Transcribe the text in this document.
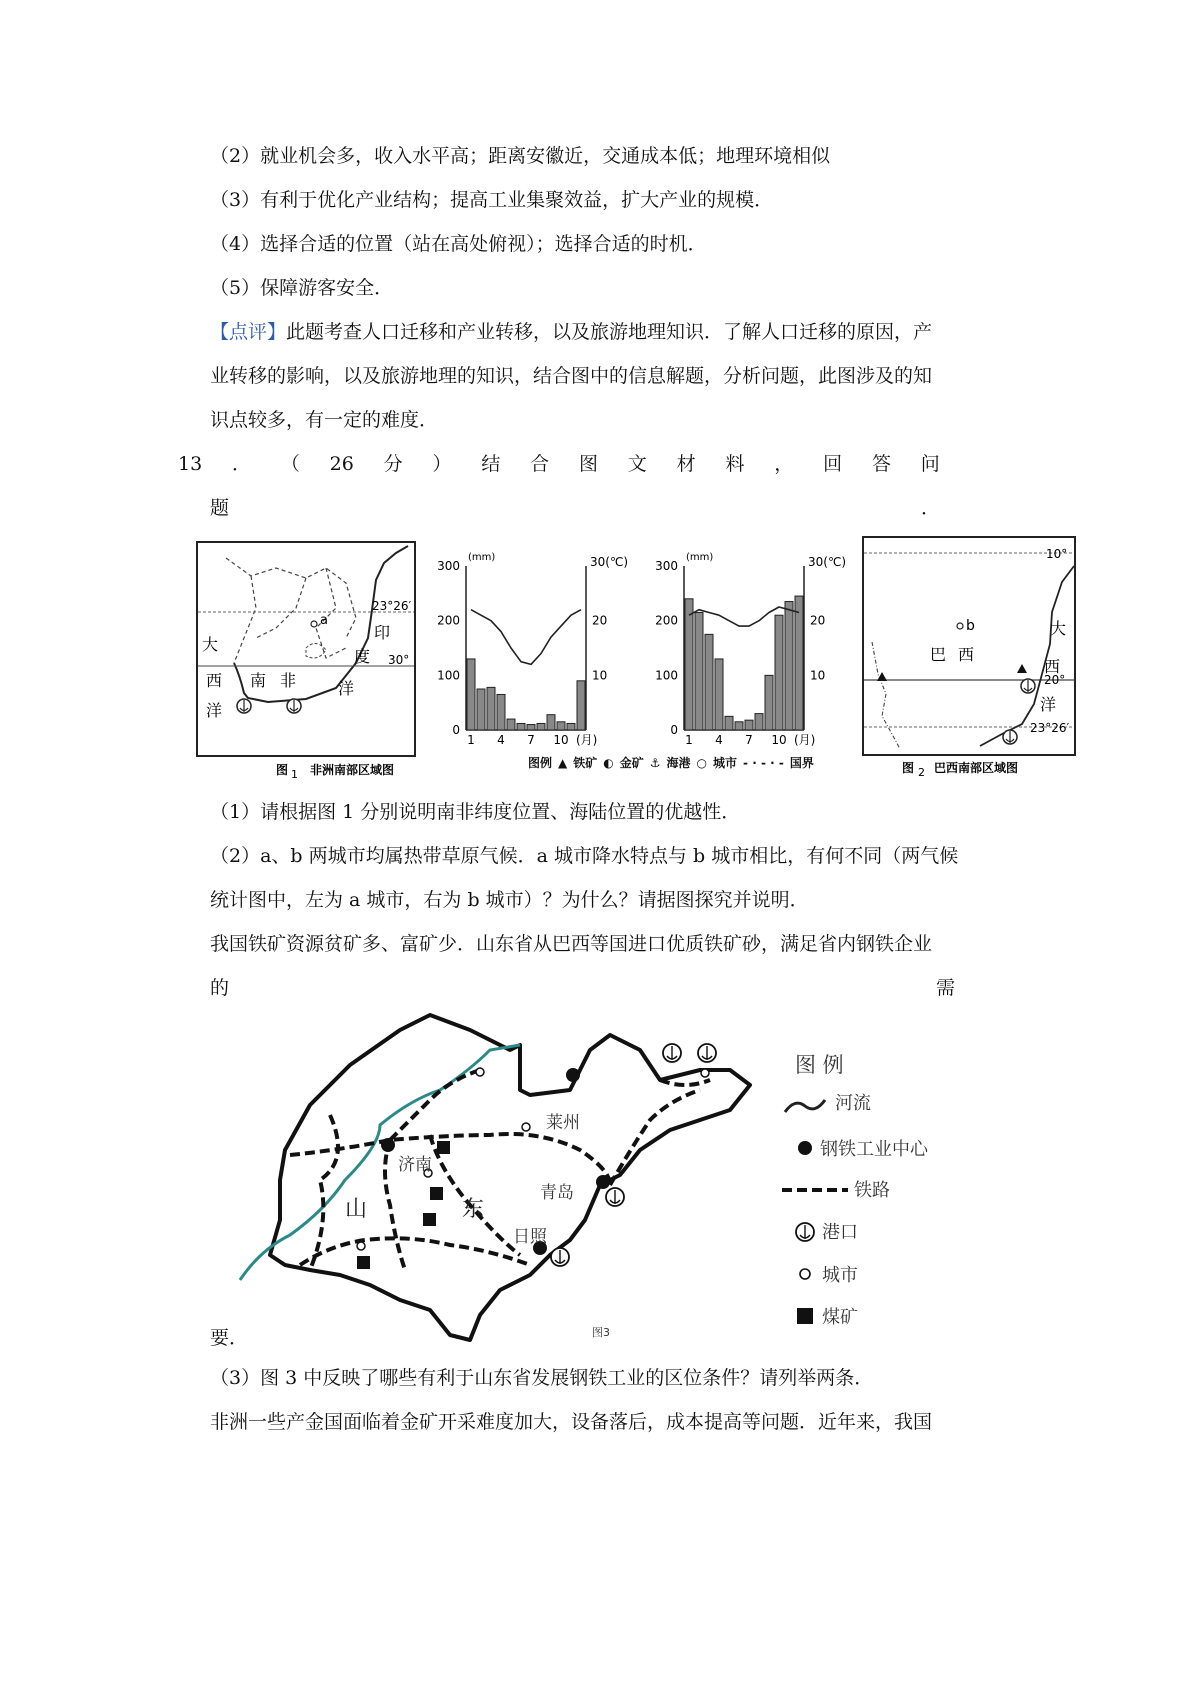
（2）就业机会多，收入水平高；距离安徽近，交通成本低；地理环境相似
（3）有利于优化产业结构；提高工业集聚效益，扩大产业的规模．
（4）选择合适的位置（站在高处俯视）；选择合适的时机．
（5）保障游客安全．
【点评】此题考查人口迁移和产业转移，以及旅游地理知识．了解人口迁移的原因，产
业转移的影响，以及旅游地理的知识，结合图中的信息解题，分析问题，此图涉及的知
识点较多，有一定的难度．
13 ． （ 26 分 ） 结 合 图 文 材 料 ， 回 答 问
题	．
23°26′
30°
a
大
西
洋
南 非
印
度
洋
图 1 非洲南部区域图
(mm)	30(℃)
300
200
100
0
20
10
1 4 7 10 (月)
(mm)	30(℃)
300
200
100
0
20
10
1 4 7 10 (月)
图例 ▲ 铁矿 ◐ 金矿 ⚓ 海港 ○ 城市 - · - · - 国界
10°
20°
23°26′
b
巴 西
大
西
洋
图 2 巴西南部区域图
（1）请根据图 1 分别说明南非纬度位置、海陆位置的优越性．
（2）a、b 两城市均属热带草原气候．a 城市降水特点与 b 城市相比，有何不同（两气候
统计图中，左为 a 城市，右为 b 城市）？为什么？请据图探究并说明．
我国铁矿资源贫矿多、富矿少．山东省从巴西等国进口优质铁矿砂，满足省内钢铁企业
的	需
莱州
济南
青岛
日照
山	东
图3
图 例
河流
钢铁工业中心
铁路
港口
城市
煤矿
要．
（3）图 3 中反映了哪些有利于山东省发展钢铁工业的区位条件？请列举两条．
非洲一些产金国面临着金矿开采难度加大，设备落后，成本提高等问题．近年来，我国
